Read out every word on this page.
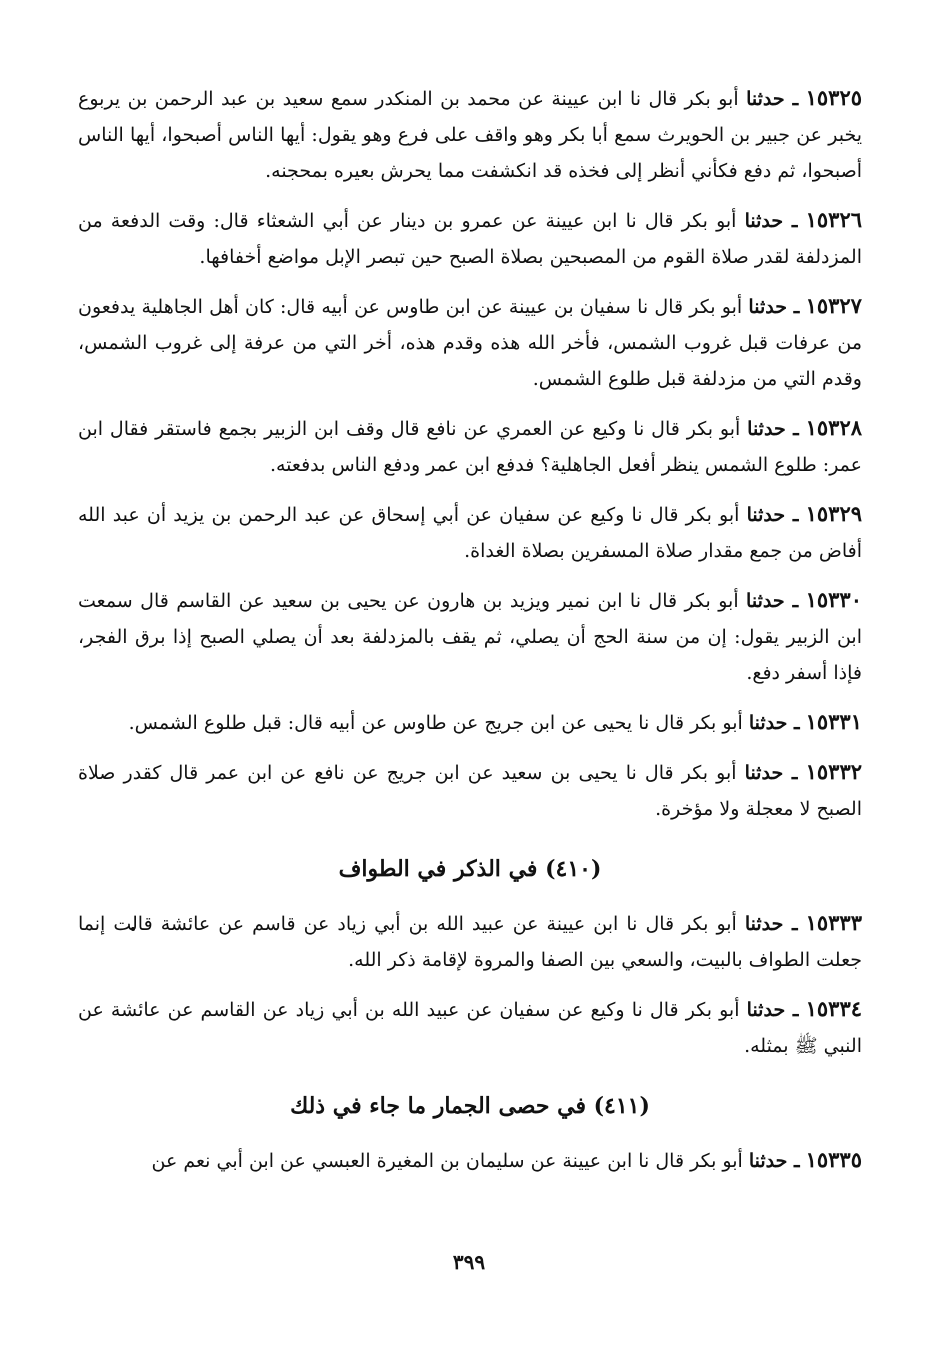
١٥٣٢٥ ـ حدثنا أبو بكر قال نا ابن عيينة عن محمد بن المنكدر سمع سعيد بن عبد الرحمن بن يربوع يخبر عن جبير بن الحويرث سمع أبا بكر وهو واقف على فرع وهو يقول: أيها الناس أصبحوا، أيها الناس أصبحوا، ثم دفع فكأني أنظر إلى فخذه قد انكشفت مما يحرش بعيره بمحجنه.

١٥٣٢٦ ـ حدثنا أبو بكر قال نا ابن عيينة عن عمرو بن دينار عن أبي الشعثاء قال: وقت الدفعة من المزدلفة لقدر صلاة القوم من المصبحين بصلاة الصبح حين تبصر الإبل مواضع أخفافها.

١٥٣٢٧ ـ حدثنا أبو بكر قال نا سفيان بن عيينة عن ابن طاوس عن أبيه قال: كان أهل الجاهلية يدفعون من عرفات قبل غروب الشمس، فأخر الله هذه وقدم هذه، أخر التي من عرفة إلى غروب الشمس، وقدم التي من مزدلفة قبل طلوع الشمس.

١٥٣٢٨ ـ حدثنا أبو بكر قال نا وكيع عن العمري عن نافع قال وقف ابن الزبير بجمع فاستقر فقال ابن عمر: طلوع الشمس ينظر أفعل الجاهلية؟ فدفع ابن عمر ودفع الناس بدفعته.

١٥٣٢٩ ـ حدثنا أبو بكر قال نا وكيع عن سفيان عن أبي إسحاق عن عبد الرحمن بن يزيد أن عبد الله أفاض من جمع مقدار صلاة المسفرين بصلاة الغداة.

١٥٣٣٠ ـ حدثنا أبو بكر قال نا ابن نمير ويزيد بن هارون عن يحيى بن سعيد عن القاسم قال سمعت ابن الزبير يقول: إن من سنة الحج أن يصلي، ثم يقف بالمزدلفة بعد أن يصلي الصبح إذا برق الفجر، فإذا أسفر دفع.

١٥٣٣١ ـ حدثنا أبو بكر قال نا يحيى عن ابن جريج عن طاوس عن أبيه قال: قبل طلوع الشمس.

١٥٣٣٢ ـ حدثنا أبو بكر قال نا يحيى بن سعيد عن ابن جريج عن نافع عن ابن عمر قال كقدر صلاة الصبح لا معجلة ولا مؤخرة.

(٤١٠) في الذكر في الطواف

١٥٣٣٣ ـ حدثنا أبو بكر قال نا ابن عيينة عن عبيد الله بن أبي زياد عن قاسم عن عائشة قالت إنما جعلت الطواف بالبيت، والسعي بين الصفا والمروة لإقامة ذكر الله.

١٥٣٣٤ ـ حدثنا أبو بكر قال نا وكيع عن سفيان عن عبيد الله بن أبي زياد عن القاسم عن عائشة عن النبي ﷺ بمثله.

(٤١١) في حصى الجمار ما جاء في ذلك

١٥٣٣٥ ـ حدثنا أبو بكر قال نا ابن عيينة عن سليمان بن المغيرة العبسي عن ابن أبي نعم عن

٣٩٩
